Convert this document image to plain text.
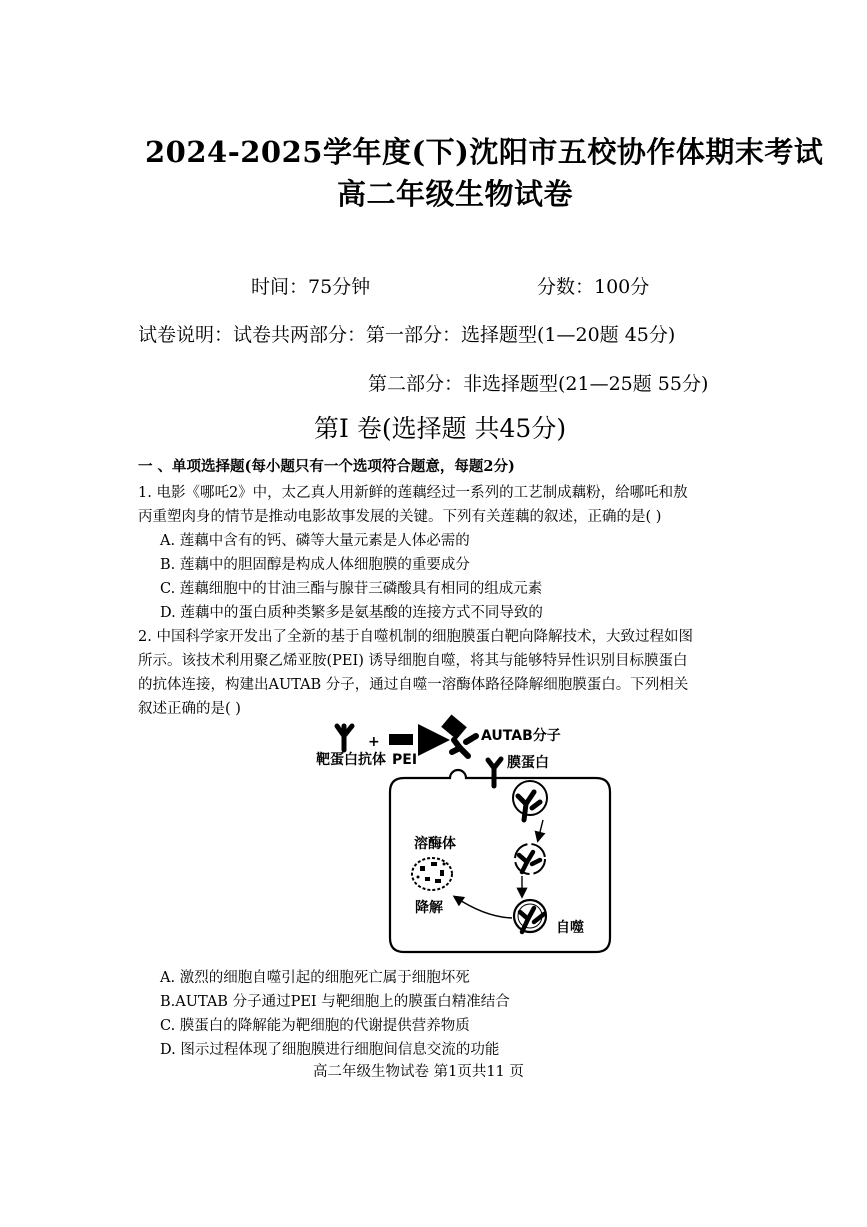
2024-2025学年度(下)沈阳市五校协作体期末考试
高二年级生物试卷
时间：75分钟	分数：100分
试卷说明：试卷共两部分：第一部分：选择题型(1—20题 45分)
第二部分：非选择题型(21—25题 55分)
第I 卷(选择题 共45分)
一 、单项选择题(每小题只有一个选项符合题意，每题2分)
1. 电影《哪吒2》中，太乙真人用新鲜的莲藕经过一系列的工艺制成藕粉，给哪吒和敖
丙重塑肉身的情节是推动电影故事发展的关键。下列有关莲藕的叙述，正确的是( )
A. 莲藕中含有的钙、磷等大量元素是人体必需的
B. 莲藕中的胆固醇是构成人体细胞膜的重要成分
C. 莲藕细胞中的甘油三酯与腺苷三磷酸具有相同的组成元素
D. 莲藕中的蛋白质种类繁多是氨基酸的连接方式不同导致的
2. 中国科学家开发出了全新的基于自噬机制的细胞膜蛋白靶向降解技术，大致过程如图
所示。该技术利用聚乙烯亚胺(PEI) 诱导细胞自噬，将其与能够特异性识别目标膜蛋白
的抗体连接，构建出AUTAB 分子，通过自噬一溶酶体路径降解细胞膜蛋白。下列相关
叙述正确的是( )
+	AUTAB分子
靶蛋白抗体 PEI	膜蛋白
自噬
溶酶体
降解
A. 激烈的细胞自噬引起的细胞死亡属于细胞坏死
B.AUTAB 分子通过PEI 与靶细胞上的膜蛋白精准结合
C. 膜蛋白的降解能为靶细胞的代谢提供营养物质
D. 图示过程体现了细胞膜进行细胞间信息交流的功能
高二年级生物试卷 第1页共11 页
